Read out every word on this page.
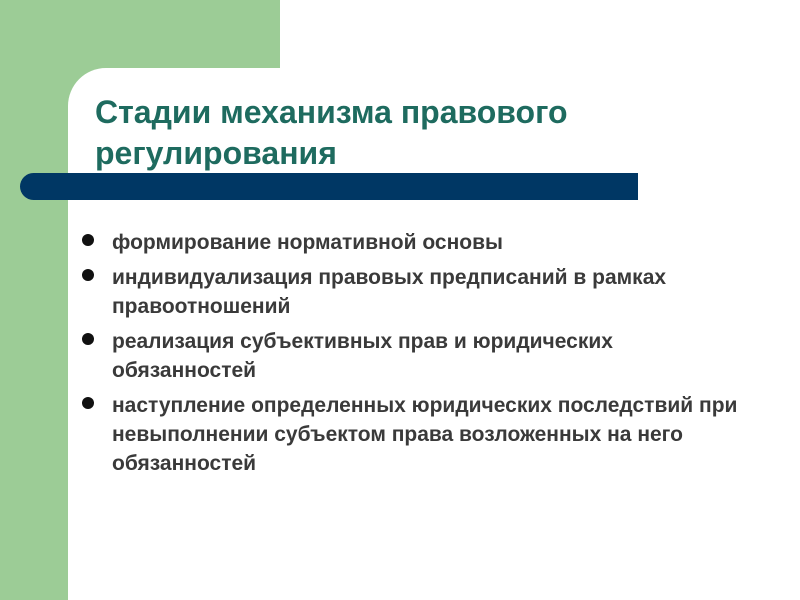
Стадии механизма правового регулирования
формирование нормативной основы
индивидуализация правовых предписаний в рамках правоотношений
реализация субъективных прав и юридических обязанностей
наступление определенных юридических последствий при невыполнении субъектом права возложенных на него обязанностей
